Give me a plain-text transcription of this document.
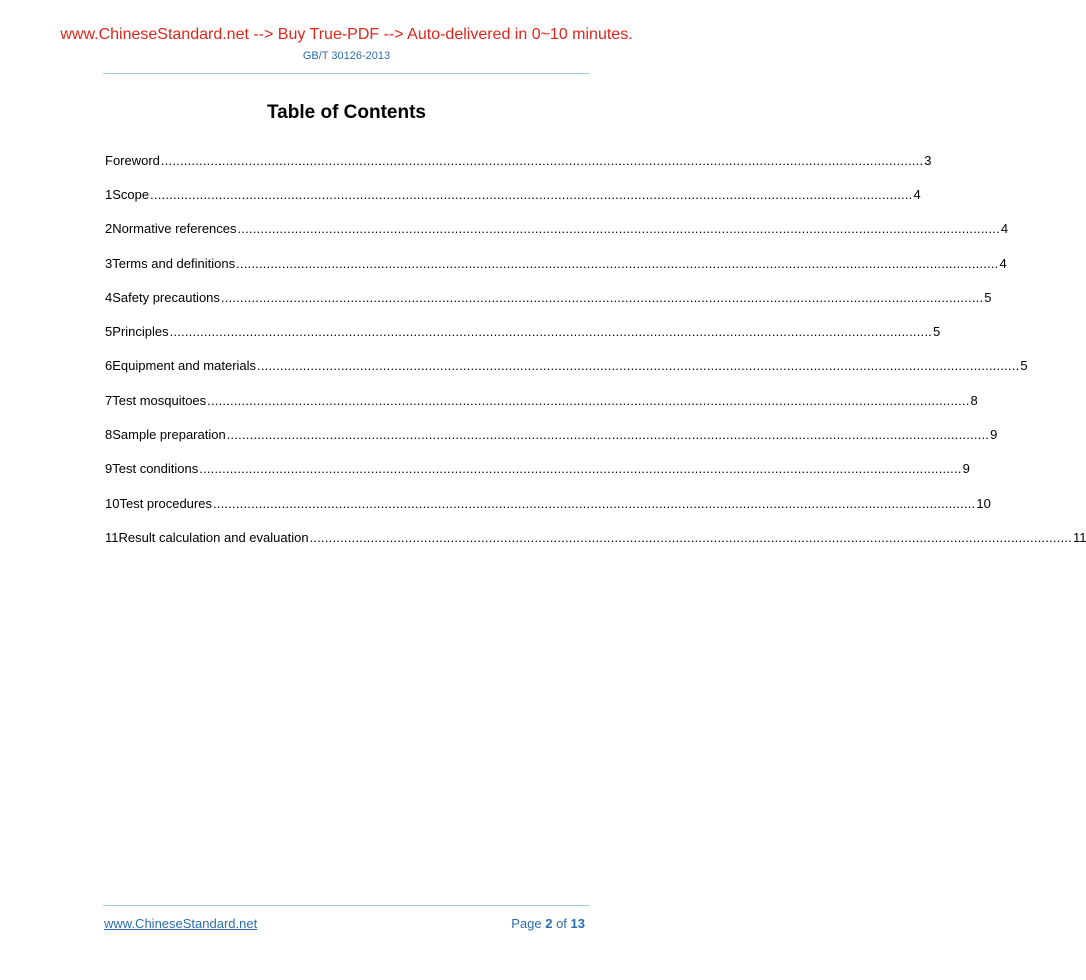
www.ChineseStandard.net --> Buy True-PDF --> Auto-delivered in 0~10 minutes.
GB/T 30126-2013
Table of Contents
Foreword ........................................................................................................................................................................................................ 3
1 Scope ........................................................................................................................................................................................................ 4
2 Normative references ........................................................................................................................................................................................................ 4
3 Terms and definitions ........................................................................................................................................................................................................ 4
4 Safety precautions ........................................................................................................................................................................................................ 5
5 Principles ........................................................................................................................................................................................................ 5
6 Equipment and materials ........................................................................................................................................................................................................ 5
7 Test mosquitoes ........................................................................................................................................................................................................ 8
8 Sample preparation ........................................................................................................................................................................................................ 9
9 Test conditions ........................................................................................................................................................................................................ 9
10 Test procedures ........................................................................................................................................................................................................ 10
11 Result calculation and evaluation ........................................................................................................................................................................................................ 11
www.ChineseStandard.net	Page 2 of 13
